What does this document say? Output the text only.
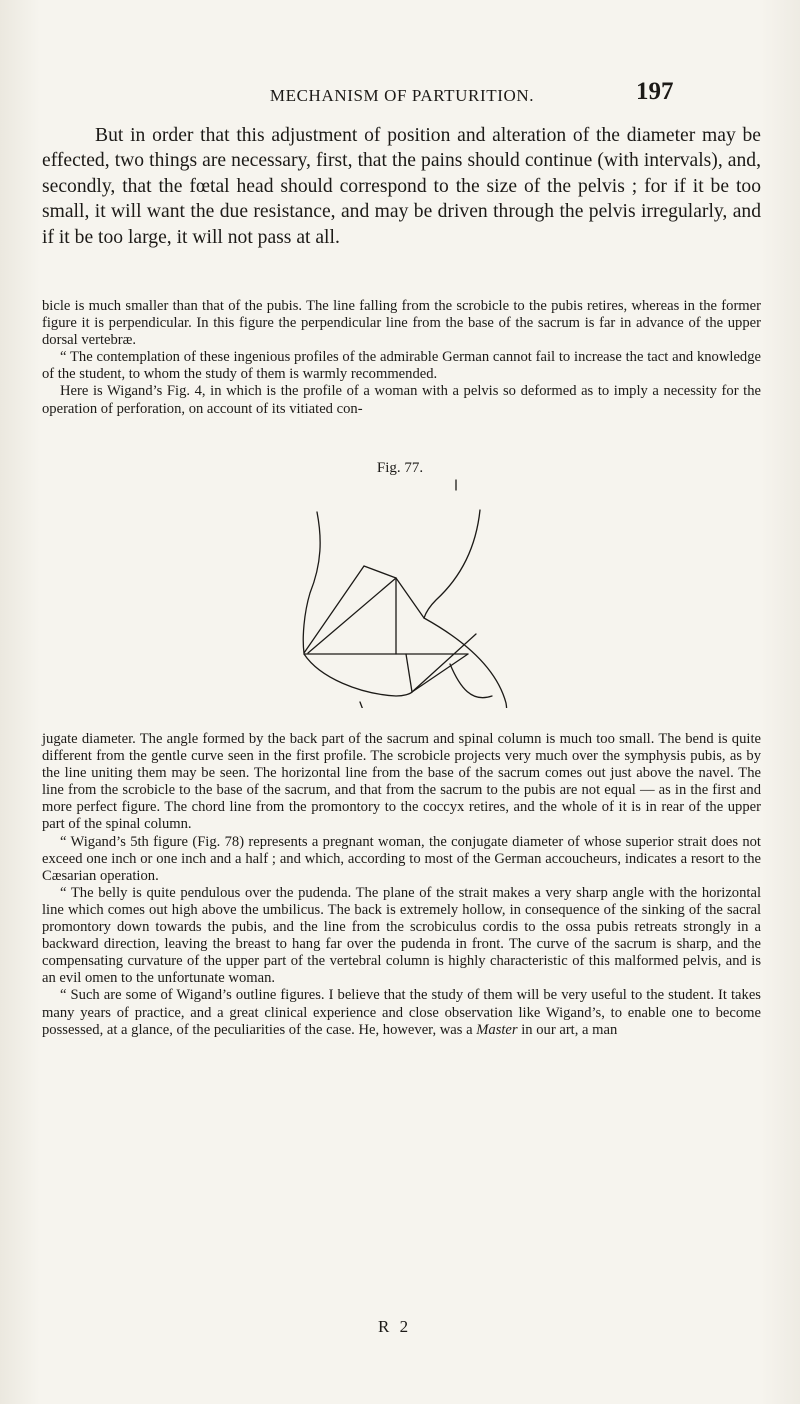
MECHANISM OF PARTURITION.	197
But in order that this adjustment of position and alteration of the diameter may be effected, two things are necessary, first, that the pains should continue (with intervals), and, secondly, that the fœtal head should correspond to the size of the pelvis ; for if it be too small, it will want the due resistance, and may be driven through the pelvis irregularly, and if it be too large, it will not pass at all.

bicle is much smaller than that of the pubis. The line falling from the scrobicle to the pubis retires, whereas in the former figure it is perpendicular. In this figure the perpendicular line from the base of the sacrum is far in advance of the upper dorsal vertebræ.

“ The contemplation of these ingenious profiles of the admirable German cannot fail to increase the tact and knowledge of the student, to whom the study of them is warmly recommended.

Here is Wigand’s Fig. 4, in which is the profile of a woman with a pelvis so deformed as to imply a necessity for the operation of perforation, on account of its vitiated con-

Fig. 77.

jugate diameter. The angle formed by the back part of the sacrum and spinal column is much too small. The bend is quite different from the gentle curve seen in the first profile. The scrobicle projects very much over the symphysis pubis, as by the line uniting them may be seen. The horizontal line from the base of the sacrum comes out just above the navel. The line from the scrobicle to the base of the sacrum, and that from the sacrum to the pubis are not equal — as in the first and more perfect figure. The chord line from the promontory to the coccyx retires, and the whole of it is in rear of the upper part of the spinal column.

“ Wigand’s 5th figure (Fig. 78) represents a pregnant woman, the conjugate diameter of whose superior strait does not exceed one inch or one inch and a half ; and which, according to most of the German accoucheurs, indicates a resort to the Cæsarian operation.

“ The belly is quite pendulous over the pudenda. The plane of the strait makes a very sharp angle with the horizontal line which comes out high above the umbilicus. The back is extremely hollow, in consequence of the sinking of the sacral promontory down towards the pubis, and the line from the scrobiculus cordis to the ossa pubis retreats strongly in a backward direction, leaving the breast to hang far over the pudenda in front. The curve of the sacrum is sharp, and the compensating curvature of the upper part of the vertebral column is highly characteristic of this malformed pelvis, and is an evil omen to the unfortunate woman.

“ Such are some of Wigand’s outline figures. I believe that the study of them will be very useful to the student. It takes many years of practice, and a great clinical experience and close observation like Wigand’s, to enable one to become possessed, at a glance, of the peculiarities of the case. He, however, was a Master in our art, a man

R 2
